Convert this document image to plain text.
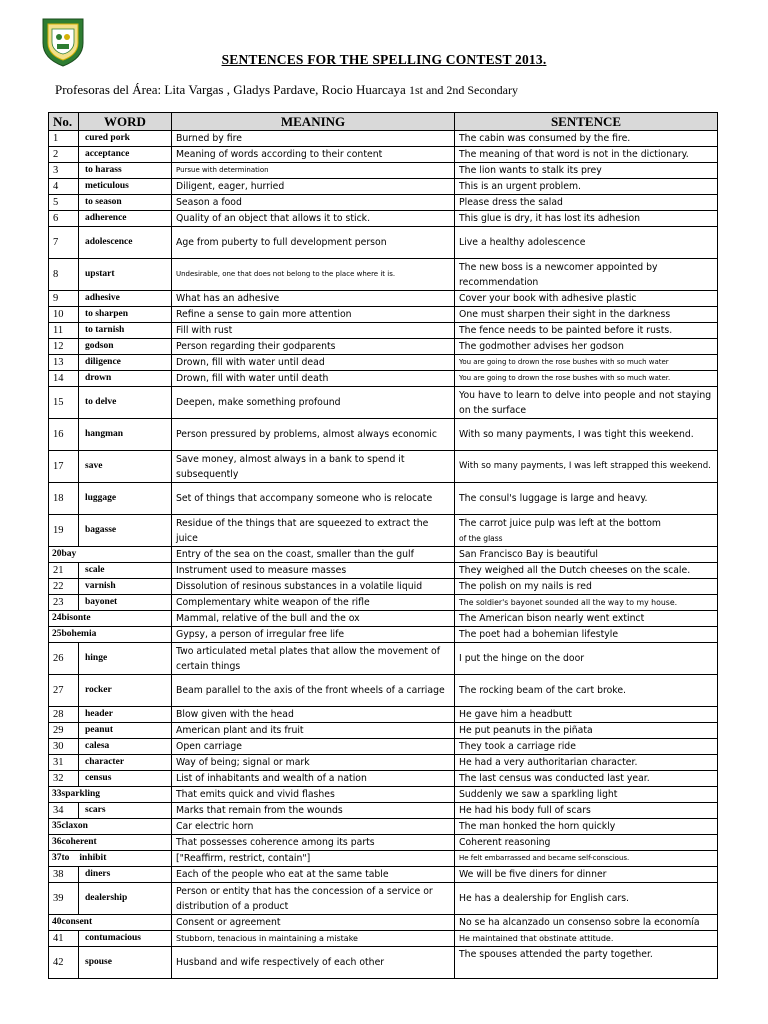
SENTENCES FOR THE SPELLING CONTEST 2013.
Profesoras del Área: Lita Vargas , Gladys Pardave, Rocio Huarcaya 1st and 2nd Secondary
No.	WORD	MEANING	SENTENCE
1	cured pork	Burned by fire	The cabin was consumed by the fire.
2	acceptance	Meaning of words according to their content	The meaning of that word is not in the dictionary.
3	to harass	Pursue with determination	The lion wants to stalk its prey
4	meticulous	Diligent, eager, hurried	This is an urgent problem.
5	to season	Season a food	Please dress the salad
6	adherence	Quality of an object that allows it to stick.	This glue is dry, it has lost its adhesion
7	adolescence	Age from puberty to full development person	Live a healthy adolescence
8	upstart	Undesirable, one that does not belong to the place where it is.	The new boss is a newcomer appointed by recommendation
9	adhesive	What has an adhesive	Cover your book with adhesive plastic
10	to sharpen	Refine a sense to gain more attention	One must sharpen their sight in the darkness
11	to tarnish	Fill with rust	The fence needs to be painted before it rusts.
12	godson	Person regarding their godparents	The godmother advises her godson
13	diligence	Drown, fill with water until dead	You are going to drown the rose bushes with so much water
14	drown	Drown, fill with water until death	You are going to drown the rose bushes with so much water.
15	to delve	Deepen, make something profound	You have to learn to delve into people and not staying on the surface
16	hangman	Person pressured by problems, almost always economic	With so many payments, I was tight this weekend.
17	save	Save money, almost always in a bank to spend it subsequently	With so many payments, I was left strapped this weekend.
18	luggage	Set of things that accompany someone who is relocate	The consul's luggage is large and heavy.
19	bagasse	Residue of the things that are squeezed to extract the juice	The carrot juice pulp was left at the bottom
of the glass

20bay		Entry of the sea on the coast, smaller than the gulf	San Francisco Bay is beautiful
21	scale	Instrument used to measure masses	They weighed all the Dutch cheeses on the scale.
22	varnish	Dissolution of resinous substances in a volatile liquid	The polish on my nails is red
23	bayonet	Complementary white weapon of the rifle	The soldier's bayonet sounded all the way to my house.
24bisonte		Mammal, relative of the bull and the ox	The American bison nearly went extinct
25bohemia		Gypsy, a person of irregular free life	The poet had a bohemian lifestyle
26	hinge	Two articulated metal plates that allow the movement of certain things	I put the hinge on the door
27	rocker	Beam parallel to the axis of the front wheels of a carriage	The rocking beam of the cart broke.
28	header	Blow given with the head	He gave him a headbutt
29	peanut	American plant and its fruit	He put peanuts in the piñata
30	calesa	Open carriage	They took a carriage ride
31	character	Way of being; signal or mark	He had a very authoritarian character.
32	census	List of inhabitants and wealth of a nation	The last census was conducted last year.
33sparkling		That emits quick and vivid flashes	Suddenly we saw a sparkling light
34	scars	Marks that remain from the wounds	He had his body full of scars
35claxon		Car electric horn	The man honked the horn quickly
36coherent		That possesses coherence among its parts	Coherent reasoning
37to inhibit		["Reaffirm, restrict, contain"]	He felt embarrassed and became self-conscious.
38	diners	Each of the people who eat at the same table	We will be five diners for dinner
39	dealership	Person or entity that has the concession of a service or distribution of a product	He has a dealership for English cars.
40consent		Consent or agreement	No se ha alcanzado un consenso sobre la economía
41	contumacious	Stubborn, tenacious in maintaining a mistake	He maintained that obstinate attitude.
42	spouse	Husband and wife respectively of each other	The spouses attended the party together.
